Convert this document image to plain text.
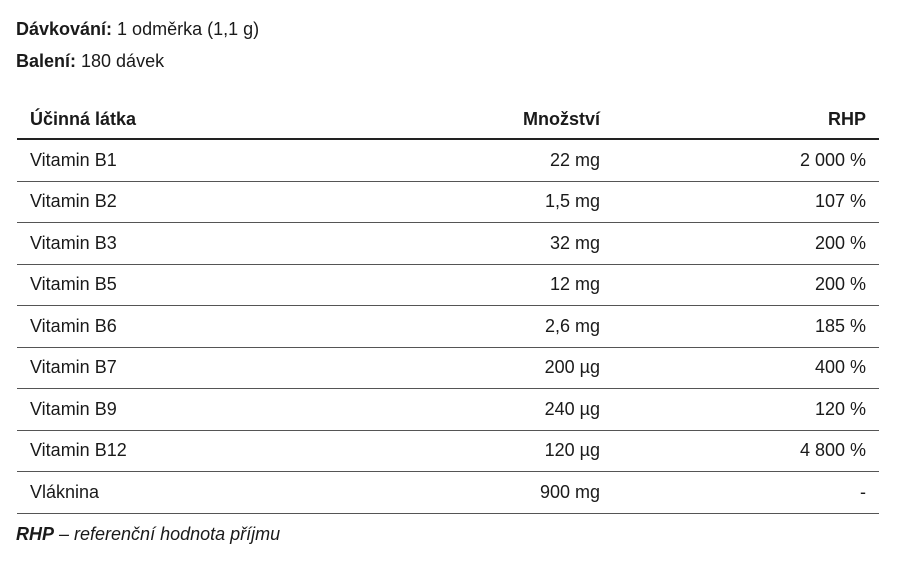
Dávkování: 1 odměrka (1,1 g)
Balení: 180 dávek
Účinná látka	Množství	RHP
Vitamin B1	22 mg	2 000 %
Vitamin B2	1,5 mg	107 %
Vitamin B3	32 mg	200 %
Vitamin B5	12 mg	200 %
Vitamin B6	2,6 mg	185 %
Vitamin B7	200 µg	400 %
Vitamin B9	240 µg	120 %
Vitamin B12	120 µg	4 800 %
Vláknina	900 mg	-
RHP – referenční hodnota příjmu
